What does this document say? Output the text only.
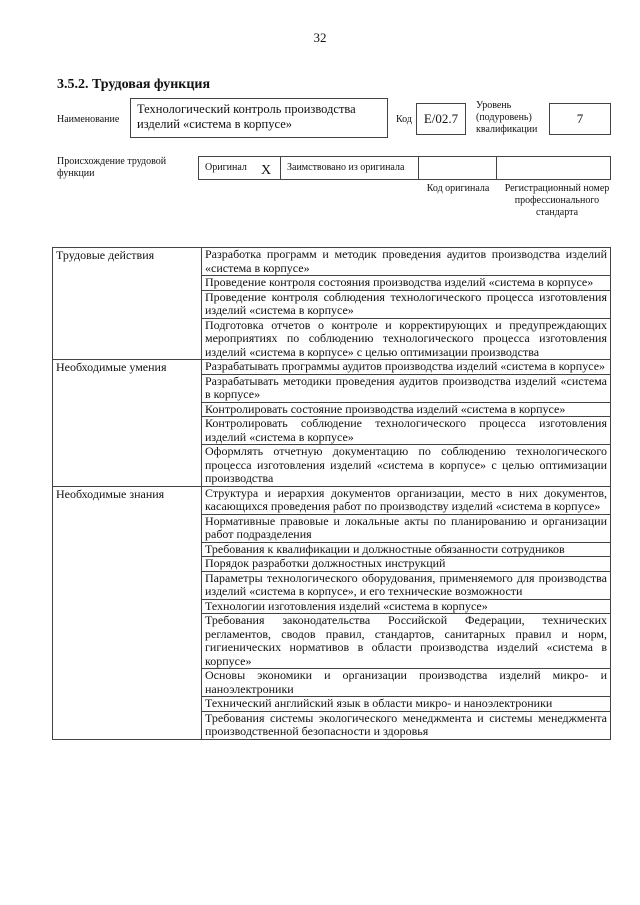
32
3.5.2. Трудовая функция
Наименование
Технологический контроль производства изделий «система в корпусе»	Код E/02.7
Уровень (подуровень) квалификации
7
Происхождение трудовой функции
Оригинал X	Заимствовано из оригинала
Код оригинала	Регистрационный номер профессионального стандарта
Трудовые действия	Разработка программ и методик проведения аудитов производства изделий «система в корпусе»
	Проведение контроля состояния производства изделий «система в корпусе»
	Проведение контроля соблюдения технологического процесса изготовления изделий «система в корпусе»
	Подготовка отчетов о контроле и корректирующих и предупреждающих мероприятиях по соблюдению технологического процесса изготовления изделий «система в корпусе» с целью оптимизации производства
Необходимые умения	Разрабатывать программы аудитов производства изделий «система в корпусе»
	Разрабатывать методики проведения аудитов производства изделий «система в корпусе»
	Контролировать состояние производства изделий «система в корпусе»
	Контролировать соблюдение технологического процесса изготовления изделий «система в корпусе»
	Оформлять отчетную документацию по соблюдению технологического процесса изготовления изделий «система в корпусе» с целью оптимизации производства
Необходимые знания	Структура и иерархия документов организации, место в них документов, касающихся проведения работ по производству изделий «система в корпусе»
	Нормативные правовые и локальные акты по планированию и организации работ подразделения
	Требования к квалификации и должностные обязанности сотрудников
	Порядок разработки должностных инструкций
	Параметры технологического оборудования, применяемого для производства изделий «система в корпусе», и его технические возможности
	Технологии изготовления изделий «система в корпусе»
	Требования законодательства Российской Федерации, технических регламентов, сводов правил, стандартов, санитарных правил и норм, гигиенических нормативов в области производства изделий «система в корпусе»
	Основы экономики и организации производства изделий микро- и наноэлектроники
	Технический английский язык в области микро- и наноэлектроники
	Требования системы экологического менеджмента и системы менеджмента производственной безопасности и здоровья
